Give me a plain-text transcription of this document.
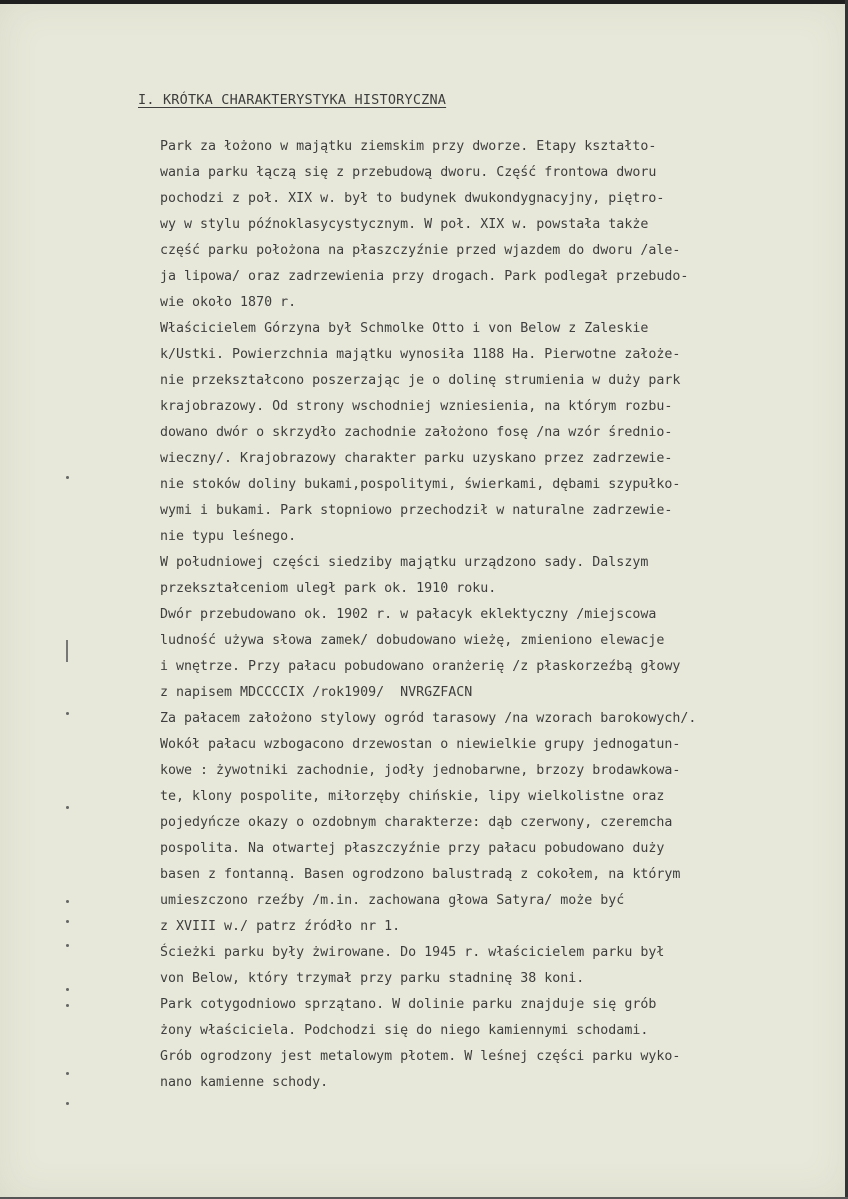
I. KRÓTKA CHARAKTERYSTYKA HISTORYCZNA
Park za łożono w majątku ziemskim przy dworze. Etapy kształto-
wania parku łączą się z przebudową dworu. Część frontowa dworu
pochodzi z poł. XIX w. był to budynek dwukondygnacyjny, piętro-
wy w stylu późnoklasycystycznym. W poł. XIX w. powstała także
część parku położona na płaszczyźnie przed wjazdem do dworu /ale-
ja lipowa/ oraz zadrzewienia przy drogach. Park podlegał przebudo-
wie około 1870 r.
Właścicielem Górzyna był Schmolke Otto i von Below z Zaleskie
k/Ustki. Powierzchnia majątku wynosiła 1188 Ha. Pierwotne założe-
nie przekształcono poszerzając je o dolinę strumienia w duży park
krajobrazowy. Od strony wschodniej wzniesienia, na którym rozbu-
dowano dwór o skrzydło zachodnie założono fosę /na wzór średnio-
wieczny/. Krajobrazowy charakter parku uzyskano przez zadrzewie-
nie stoków doliny bukami,pospolitymi, świerkami, dębami szypułko-
wymi i bukami. Park stopniowo przechodził w naturalne zadrzewie-
nie typu leśnego.
W południowej części siedziby majątku urządzono sady. Dalszym
przekształceniom uległ park ok. 1910 roku.
Dwór przebudowano ok. 1902 r. w pałacyk eklektyczny /miejscowa
ludność używa słowa zamek/ dobudowano wieżę, zmieniono elewacje
i wnętrze. Przy pałacu pobudowano oranżerię /z płaskorzeźbą głowy
z napisem MDCCCCIX /rok1909/  NVRGZFACN
Za pałacem założono stylowy ogród tarasowy /na wzorach barokowych/.
Wokół pałacu wzbogacono drzewostan o niewielkie grupy jednogatun-
kowe : żywotniki zachodnie, jodły jednobarwne, brzozy brodawkowa-
te, klony pospolite, miłorzęby chińskie, lipy wielkolistne oraz
pojedyńcze okazy o ozdobnym charakterze: dąb czerwony, czeremcha
pospolita. Na otwartej płaszczyźnie przy pałacu pobudowano duży
basen z fontanną. Basen ogrodzono balustradą z cokołem, na którym
umieszczono rzeźby /m.in. zachowana głowa Satyra/ może być
z XVIII w./ patrz źródło nr 1.
Ścieżki parku były żwirowane. Do 1945 r. właścicielem parku był
von Below, który trzymał przy parku stadninę 38 koni.
Park cotygodniowo sprzątano. W dolinie parku znajduje się grób
żony właściciela. Podchodzi się do niego kamiennymi schodami.
Grób ogrodzony jest metalowym płotem. W leśnej części parku wyko-
nano kamienne schody.
